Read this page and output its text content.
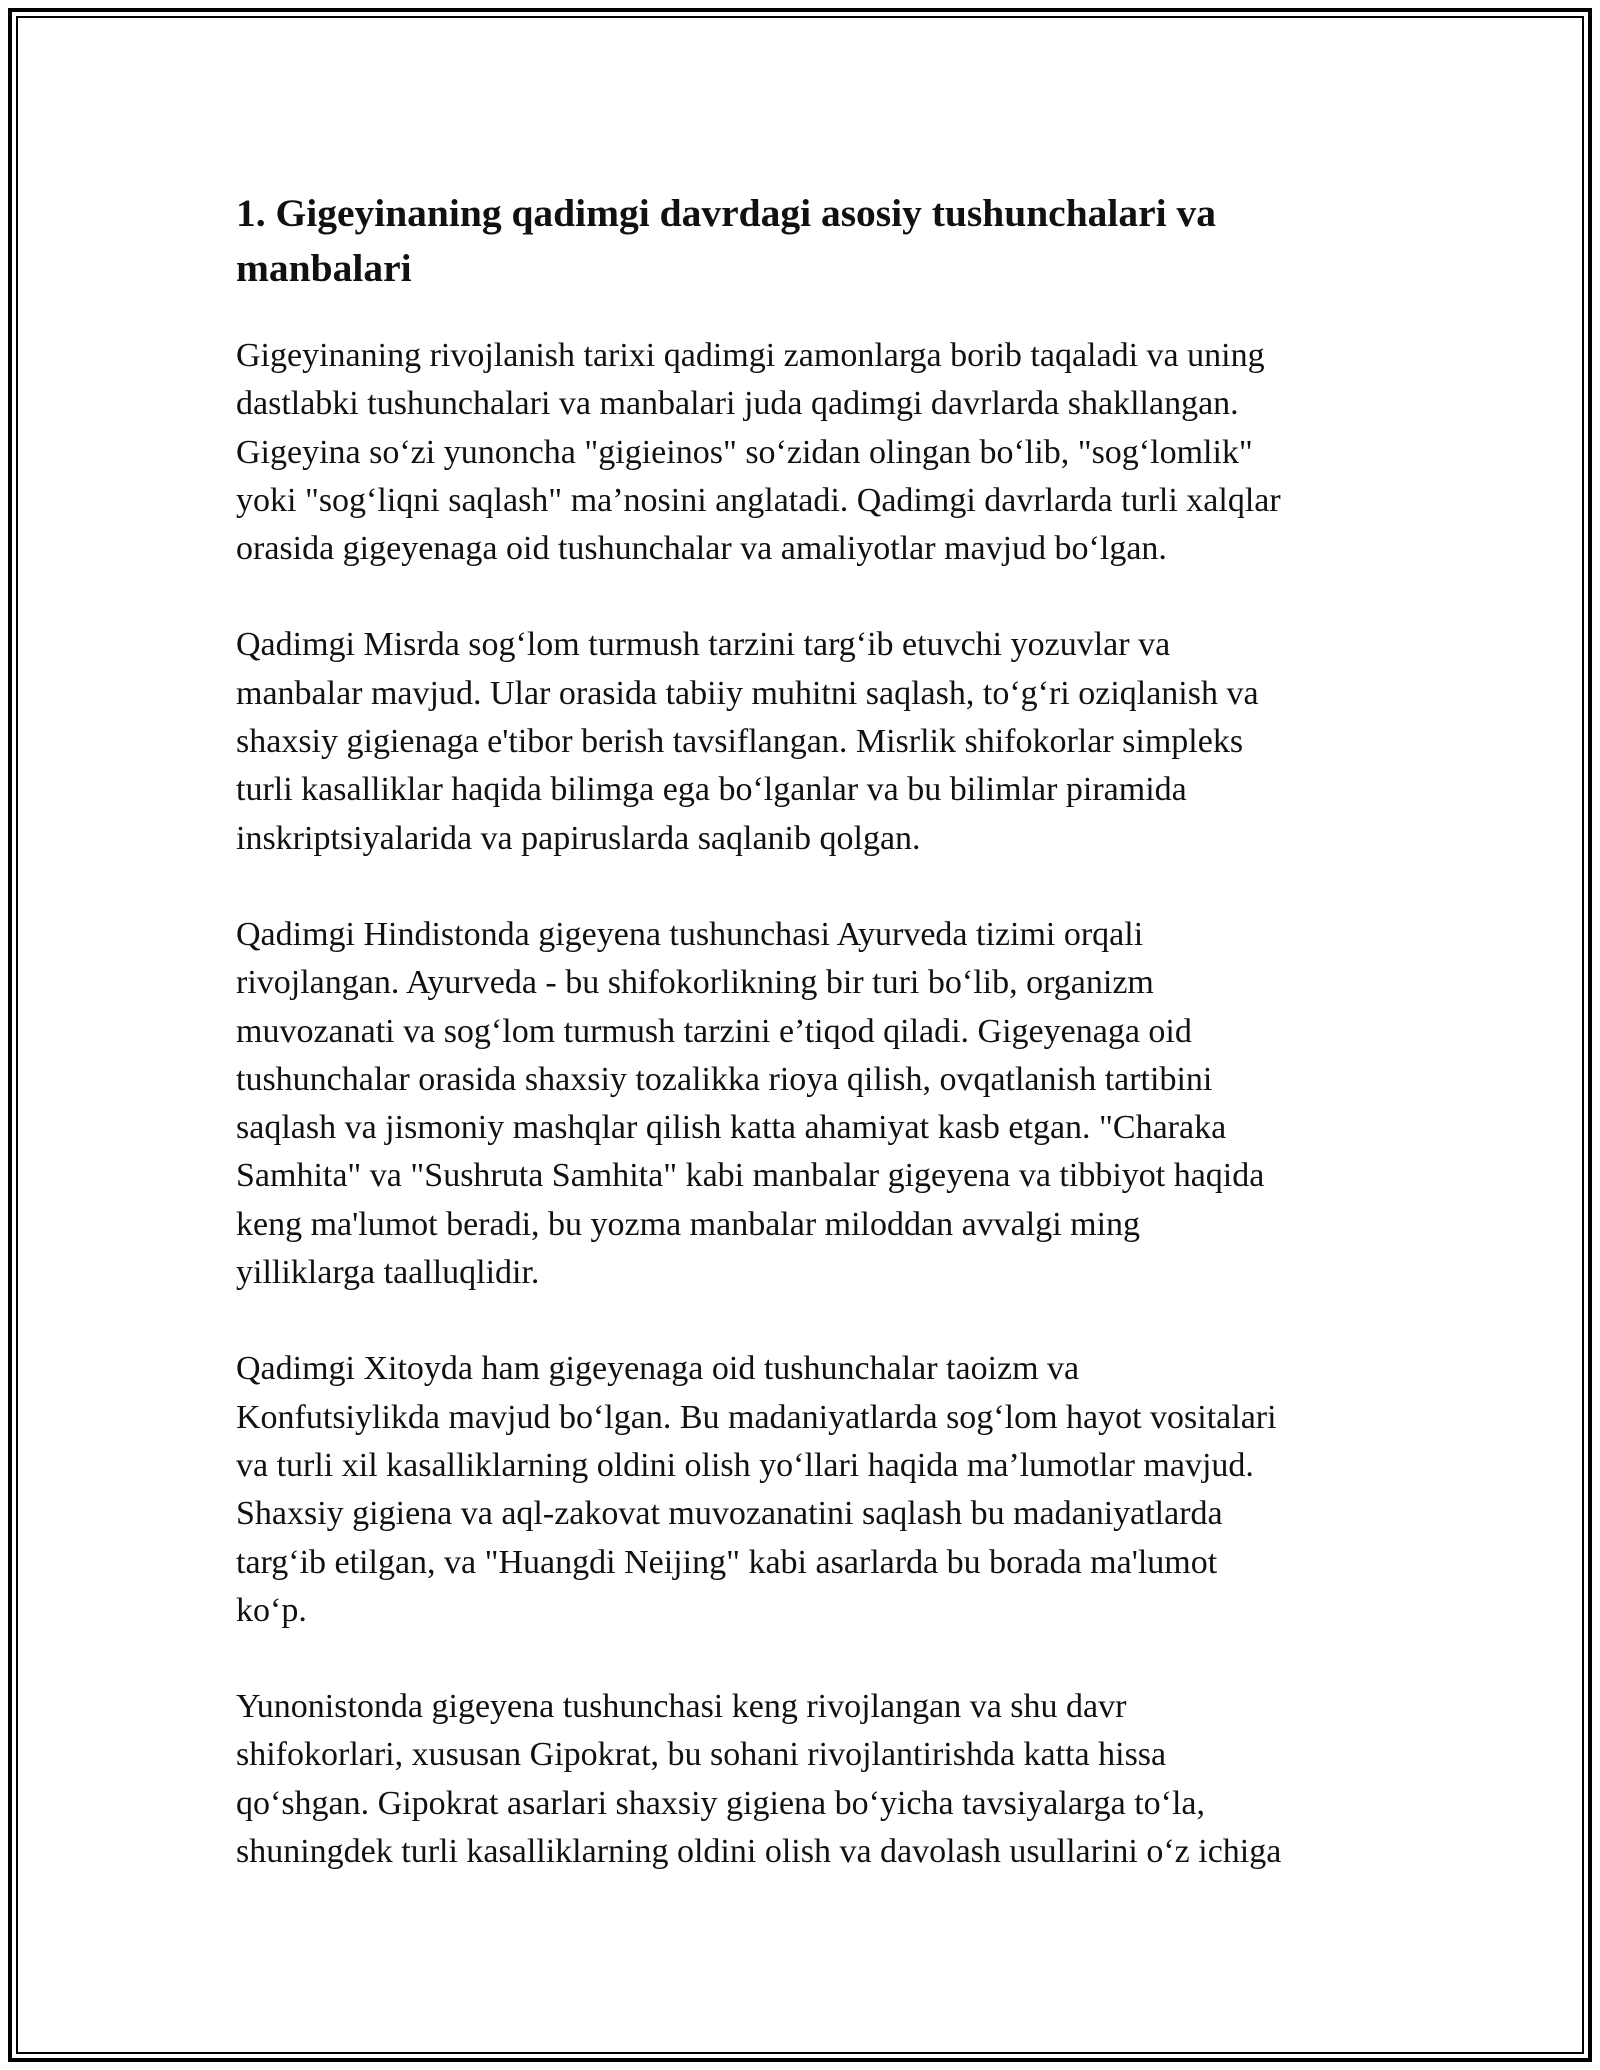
1. Gigeyinaning qadimgi davrdagi asosiy tushunchalari va
manbalari

Gigeyinaning rivojlanish tarixi qadimgi zamonlarga borib taqaladi va uning
dastlabki tushunchalari va manbalari juda qadimgi davrlarda shakllangan.
Gigeyina so‘zi yunoncha "gigieinos" so‘zidan olingan bo‘lib, "sog‘lomlik"
yoki "sog‘liqni saqlash" ma’nosini anglatadi. Qadimgi davrlarda turli xalqlar
orasida gigeyenaga oid tushunchalar va amaliyotlar mavjud bo‘lgan.

Qadimgi Misrda sog‘lom turmush tarzini targ‘ib etuvchi yozuvlar va
manbalar mavjud. Ular orasida tabiiy muhitni saqlash, to‘g‘ri oziqlanish va
shaxsiy gigienaga e'tibor berish tavsiflangan. Misrlik shifokorlar simpleks
turli kasalliklar haqida bilimga ega bo‘lganlar va bu bilimlar piramida
inskriptsiyalarida va papiruslarda saqlanib qolgan.

Qadimgi Hindistonda gigeyena tushunchasi Ayurveda tizimi orqali
rivojlangan. Ayurveda - bu shifokorlikning bir turi bo‘lib, organizm
muvozanati va sog‘lom turmush tarzini e’tiqod qiladi. Gigeyenaga oid
tushunchalar orasida shaxsiy tozalikka rioya qilish, ovqatlanish tartibini
saqlash va jismoniy mashqlar qilish katta ahamiyat kasb etgan. "Charaka
Samhita" va "Sushruta Samhita" kabi manbalar gigeyena va tibbiyot haqida
keng ma'lumot beradi, bu yozma manbalar miloddan avvalgi ming
yilliklarga taalluqlidir.

Qadimgi Xitoyda ham gigeyenaga oid tushunchalar taoizm va
Konfutsiylikda mavjud bo‘lgan. Bu madaniyatlarda sog‘lom hayot vositalari
va turli xil kasalliklarning oldini olish yo‘llari haqida ma’lumotlar mavjud.
Shaxsiy gigiena va aql-zakovat muvozanatini saqlash bu madaniyatlarda
targ‘ib etilgan, va "Huangdi Neijing" kabi asarlarda bu borada ma'lumot
ko‘p.

Yunonistonda gigeyena tushunchasi keng rivojlangan va shu davr
shifokorlari, xususan Gipokrat, bu sohani rivojlantirishda katta hissa
qo‘shgan. Gipokrat asarlari shaxsiy gigiena bo‘yicha tavsiyalarga to‘la,
shuningdek turli kasalliklarning oldini olish va davolash usullarini o‘z ichiga
